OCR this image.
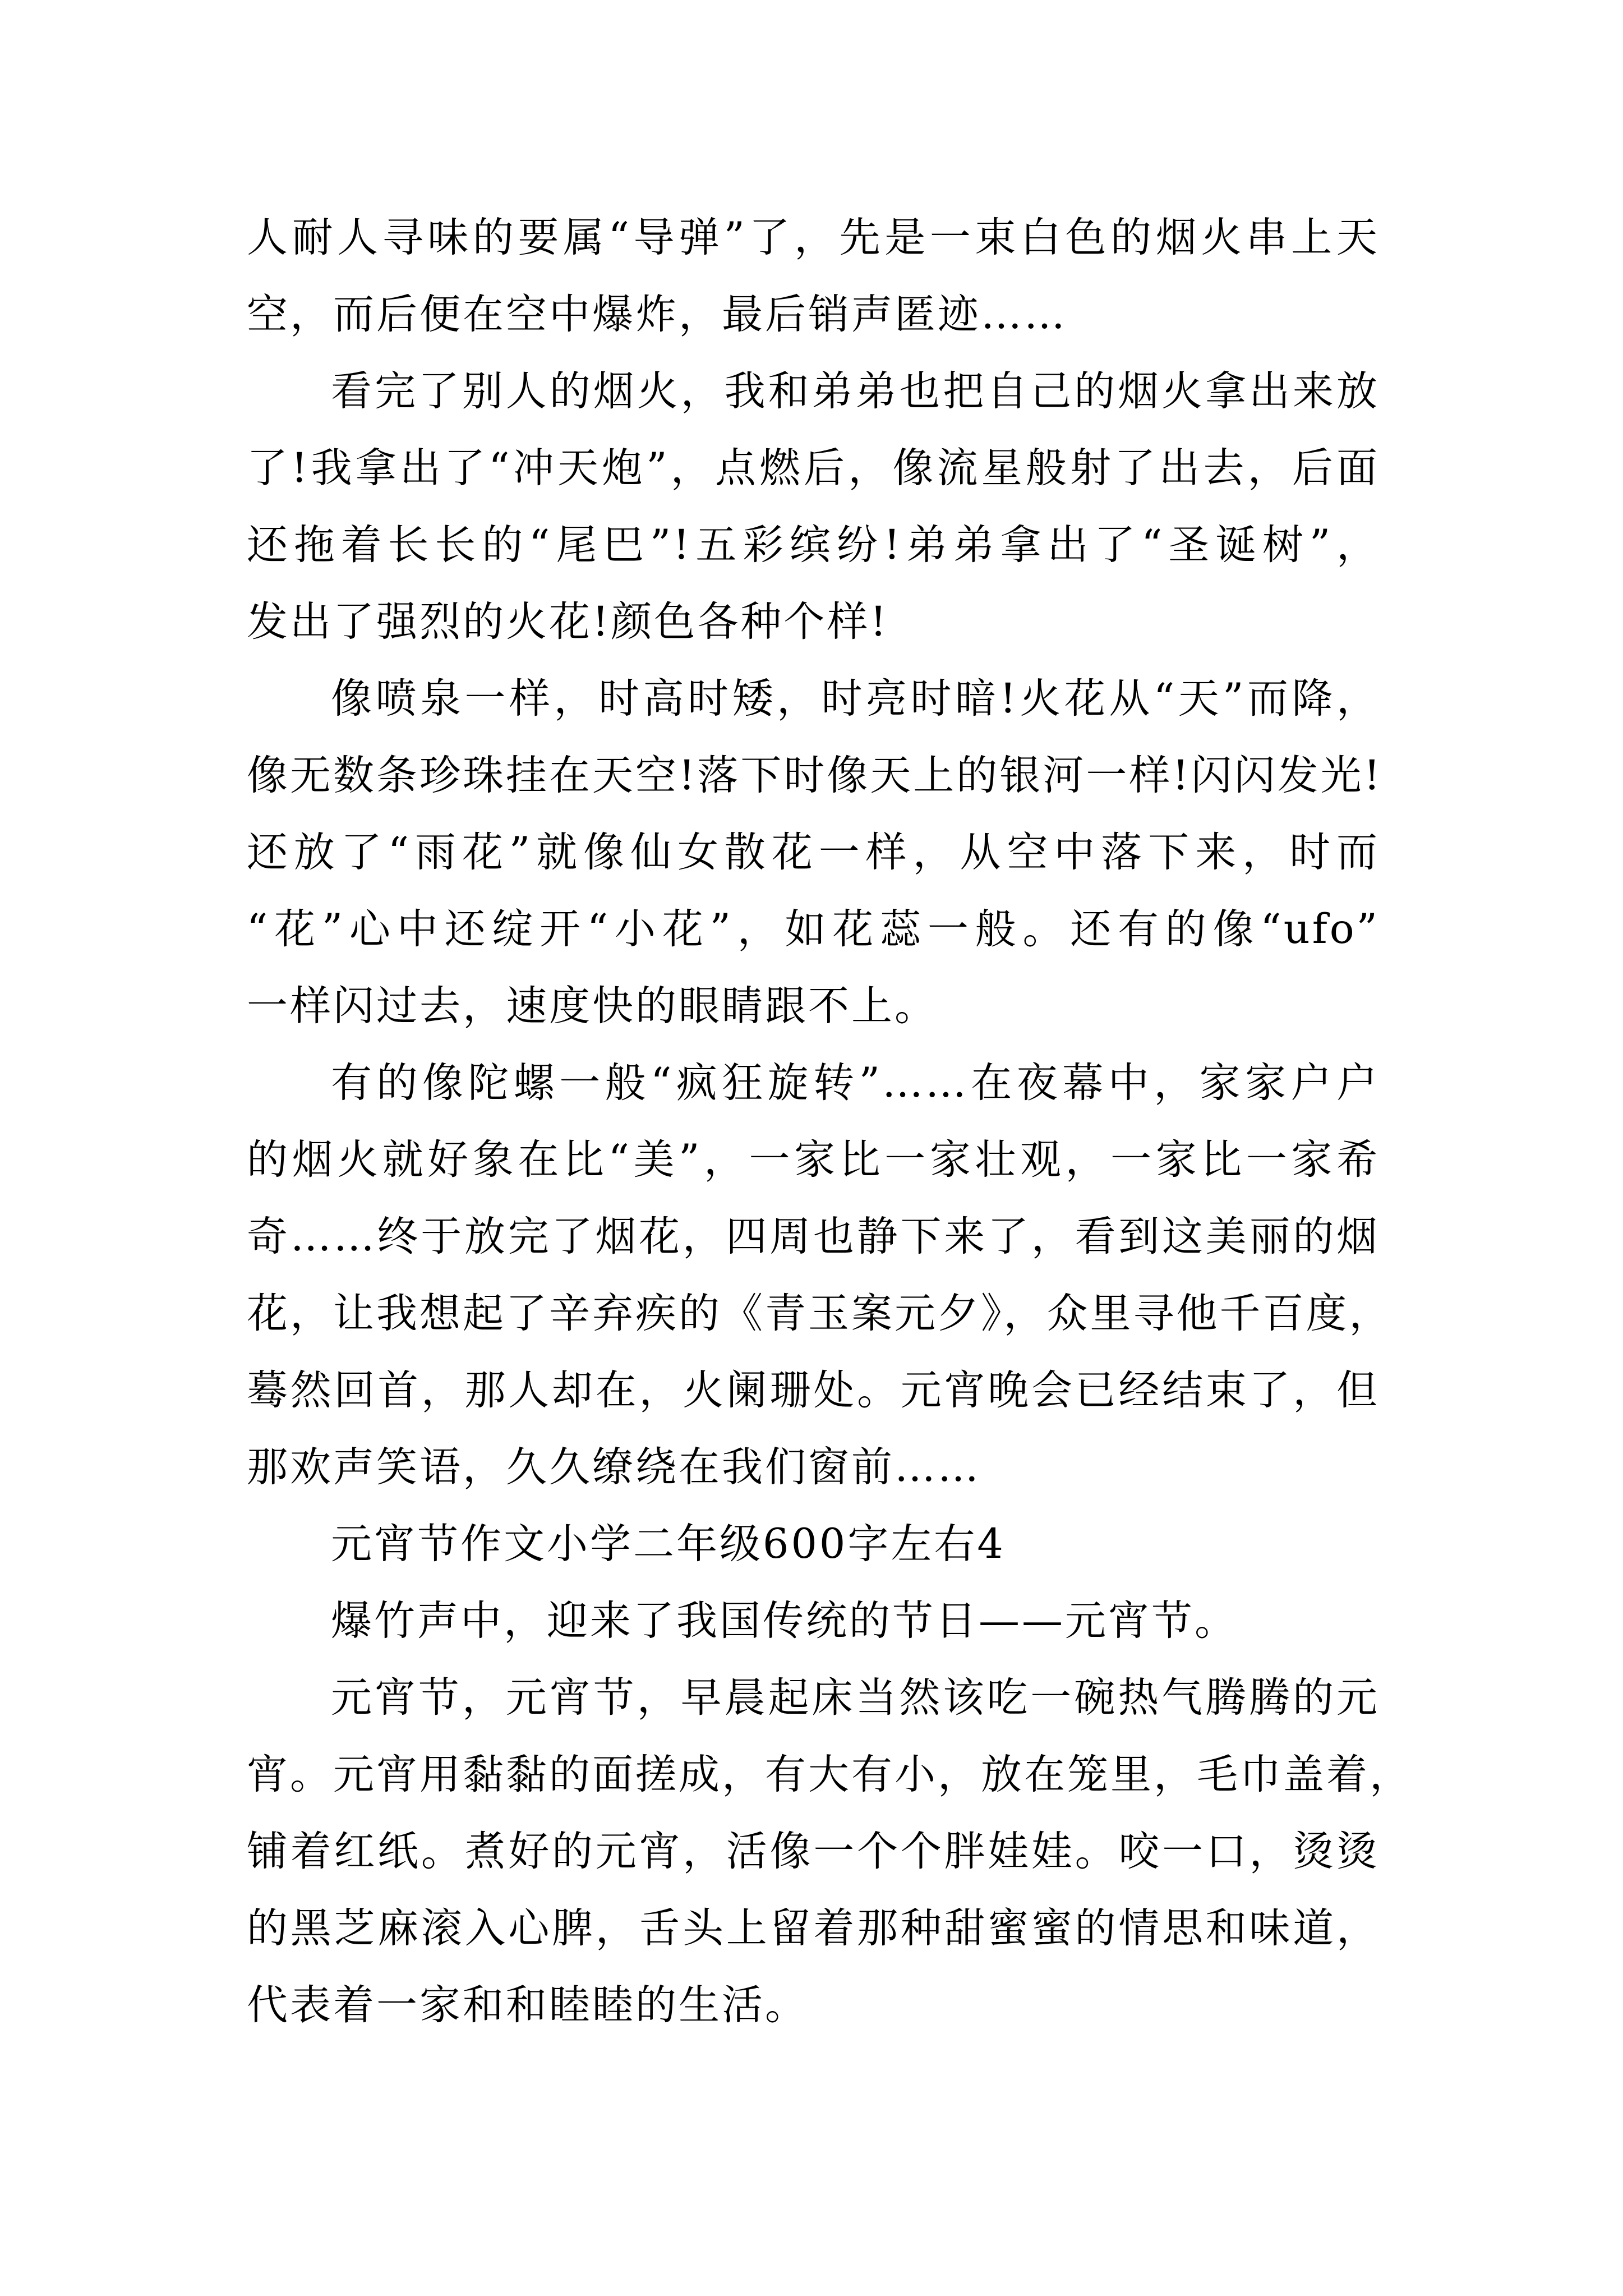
人耐人寻味的要属“导弹”了，先是一束白色的烟火串上天
空，而后便在空中爆炸，最后销声匿迹……
看完了别人的烟火，我和弟弟也把自己的烟火拿出来放
了!我拿出了“冲天炮”，点燃后，像流星般射了出去，后面
还拖着长长的“尾巴”!五彩缤纷!弟弟拿出了“圣诞树”，
发出了强烈的火花!颜色各种个样!
像喷泉一样，时高时矮，时亮时暗!火花从“天”而降，
像无数条珍珠挂在天空!落下时像天上的银河一样!闪闪发光!
还放了“雨花”就像仙女散花一样，从空中落下来，时而
“花”心中还绽开“小花”，如花蕊一般。还有的像“ufo”
一样闪过去，速度快的眼睛跟不上。
有的像陀螺一般“疯狂旋转”……在夜幕中，家家户户
的烟火就好象在比“美”，一家比一家壮观，一家比一家希
奇……终于放完了烟花，四周也静下来了，看到这美丽的烟
花，让我想起了辛弃疾的《青玉案元夕》，众里寻他千百度，
蓦然回首，那人却在，火阑珊处。元宵晚会已经结束了，但
那欢声笑语，久久缭绕在我们窗前……
元宵节作文小学二年级600字左右4
爆竹声中，迎来了我国传统的节日——元宵节。
元宵节，元宵节，早晨起床当然该吃一碗热气腾腾的元
宵。元宵用黏黏的面搓成，有大有小，放在笼里，毛巾盖着，
铺着红纸。煮好的元宵，活像一个个胖娃娃。咬一口，烫烫
的黑芝麻滚入心脾，舌头上留着那种甜蜜蜜的情思和味道，
代表着一家和和睦睦的生活。
